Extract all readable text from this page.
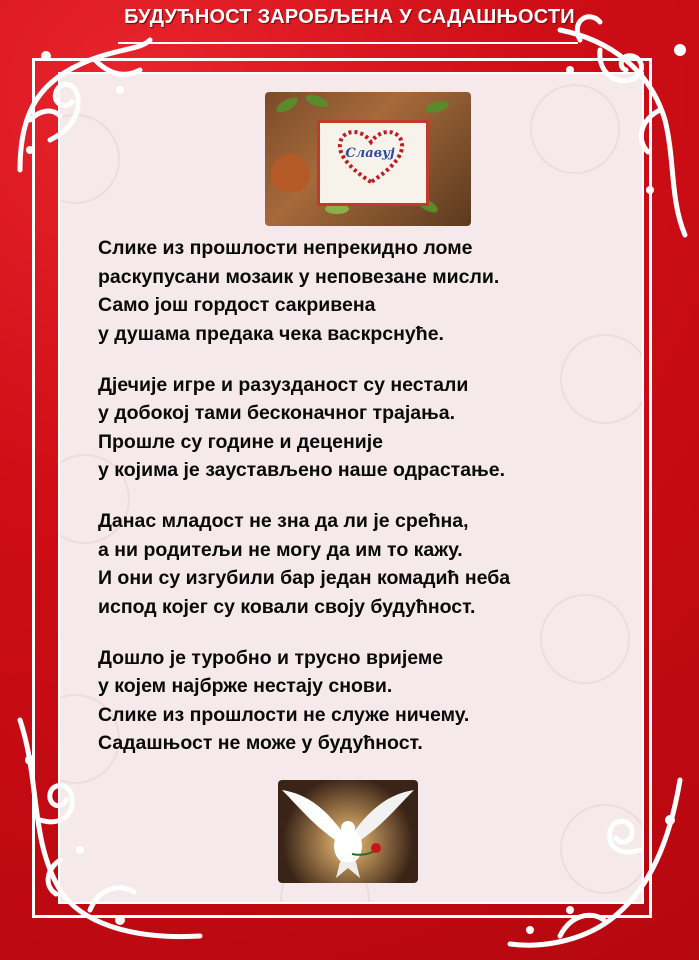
БУДУЋНОСТ ЗАРОБЉЕНА У САДАШЊОСТИ
Славуј
Слике из прошлости непрекидно ломе
раскупусани мозаик у неповезане мисли.
Само још гордост сакривена
у душама предака чека васкрснуће.
Дјечије игре и разузданост су нестали
у добокој тами бесконачног трајања.
Прошле су године и деценије
у којима је заустављено наше одрастање.
Данас младост не зна да ли је срећна,
а ни родитељи не могу да им то кажу.
И они су изгубили бар један комадић неба
испод којег су ковали своју будућност.
Дошло је туробно и трусно вријеме
у којем најбрже нестају снови.
Слике из прошлости не служе ничему.
Садашњост не може у будућност.
